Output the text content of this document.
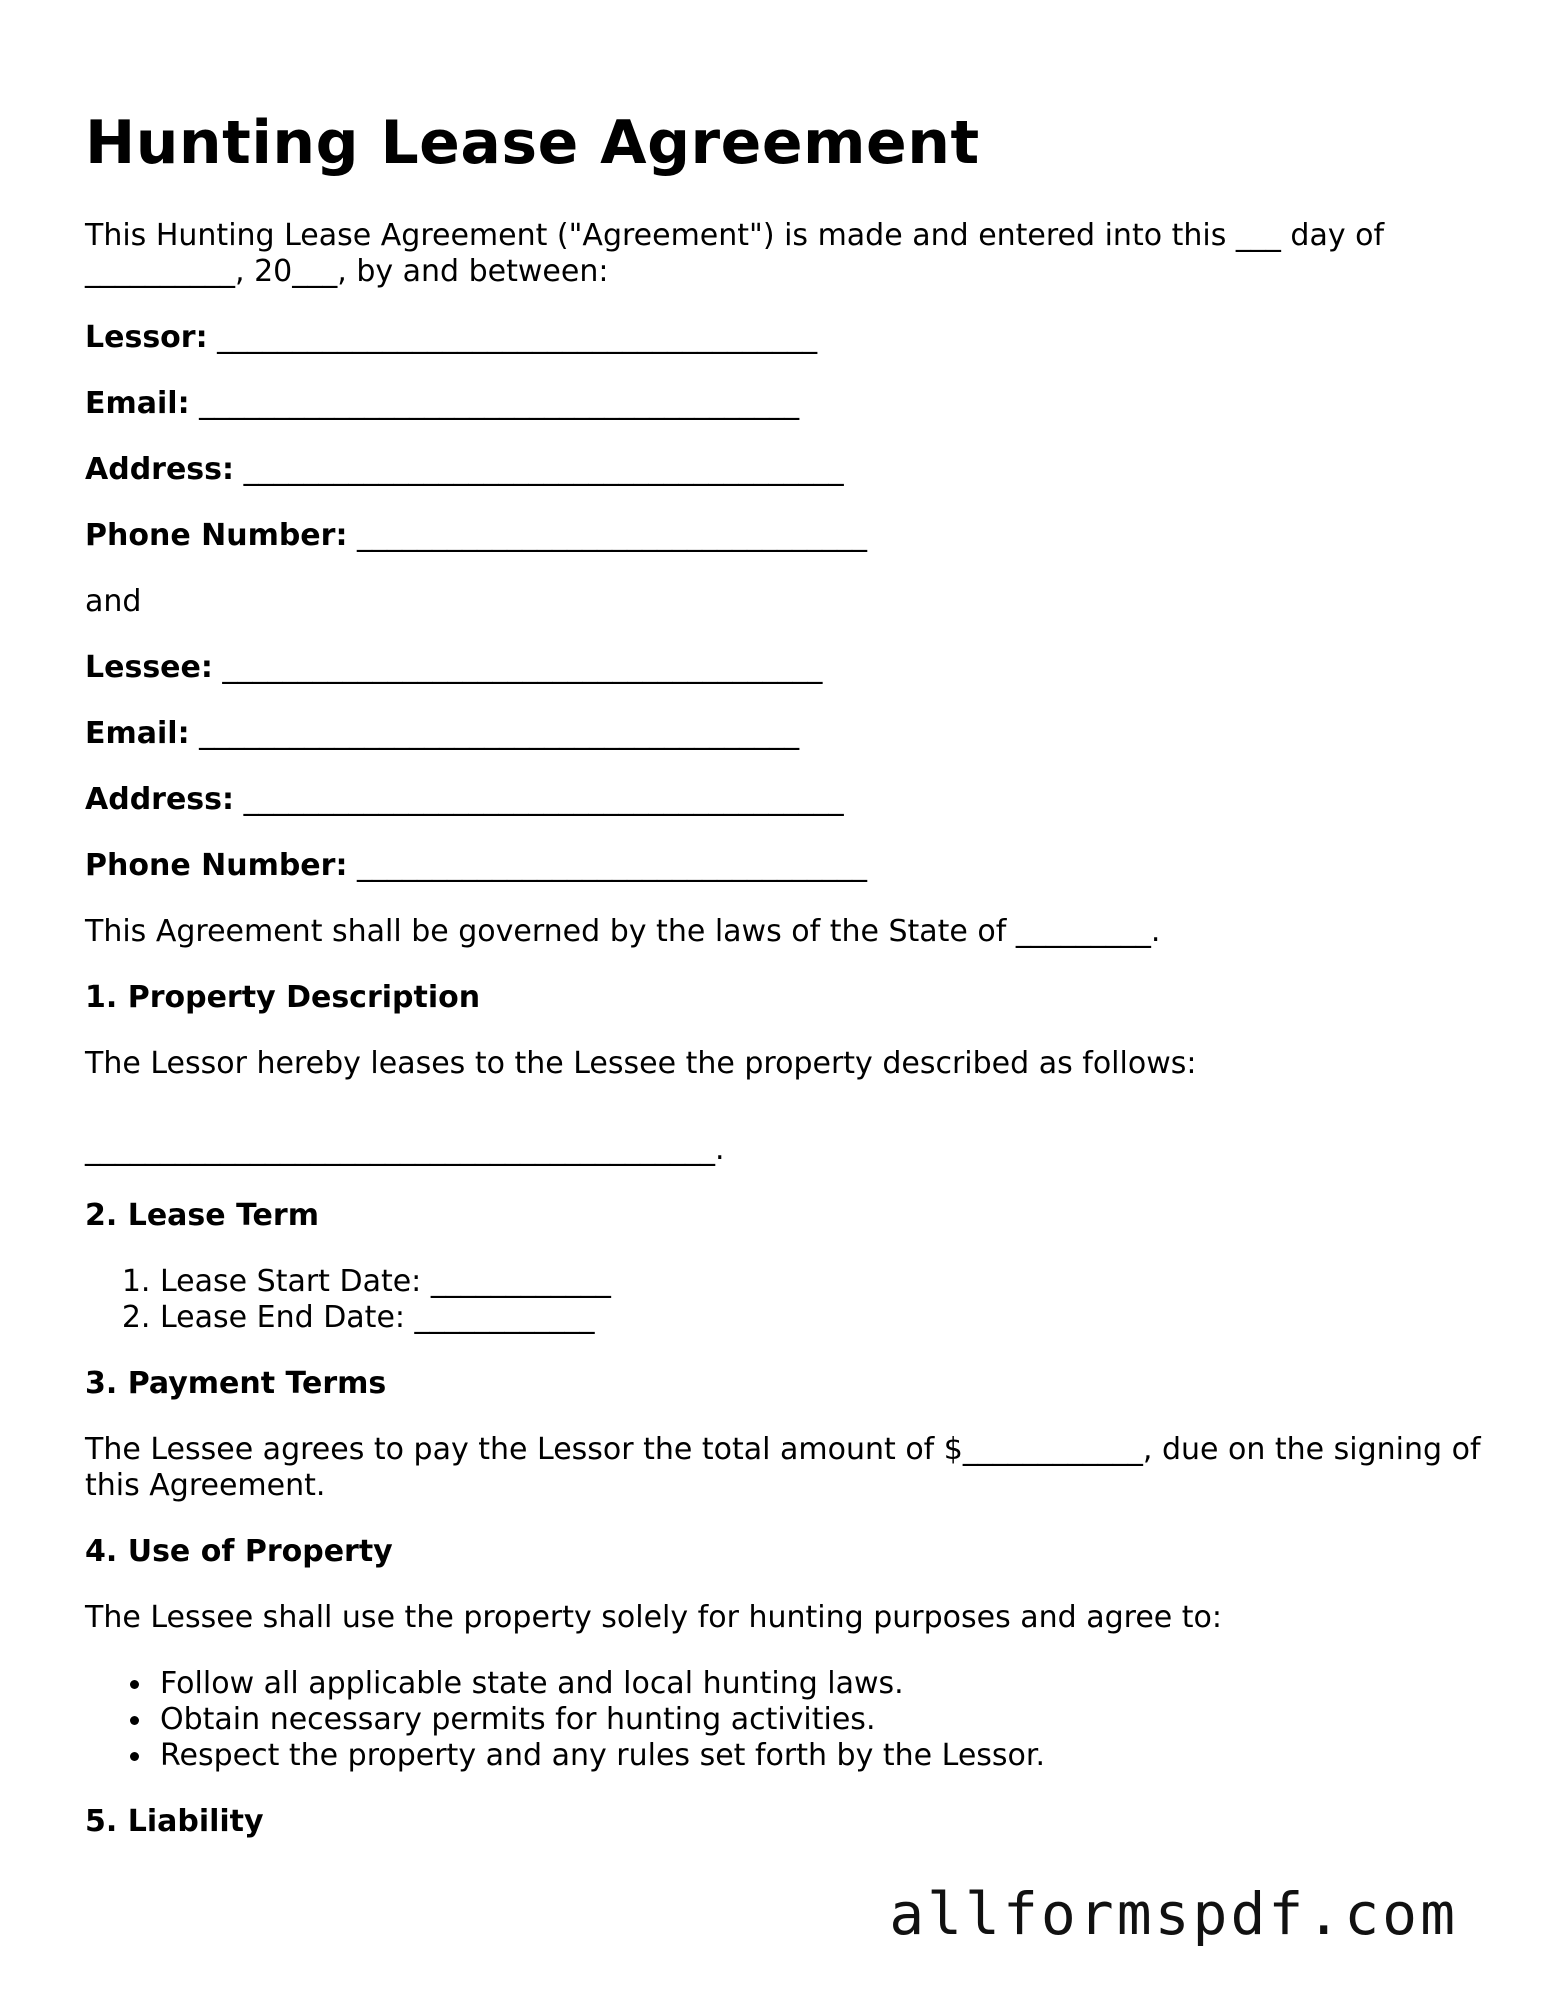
Hunting Lease Agreement

This Hunting Lease Agreement ("Agreement") is made and entered into this ___ day of __________, 20___, by and between:

Lessor: ________________________________________

Email: ________________________________________

Address: ________________________________________

Phone Number: __________________________________

and

Lessee: ________________________________________

Email: ________________________________________

Address: ________________________________________

Phone Number: __________________________________

This Agreement shall be governed by the laws of the State of _________.

1. Property Description

The Lessor hereby leases to the Lessee the property described as follows:

__________________________________________.

2. Lease Term

1. Lease Start Date: ____________
2. Lease End Date: ____________

3. Payment Terms

The Lessee agrees to pay the Lessor the total amount of $____________, due on the signing of this Agreement.

4. Use of Property

The Lessee shall use the property solely for hunting purposes and agree to:

Follow all applicable state and local hunting laws.
Obtain necessary permits for hunting activities.
Respect the property and any rules set forth by the Lessor.

5. Liability

allformspdf.com
